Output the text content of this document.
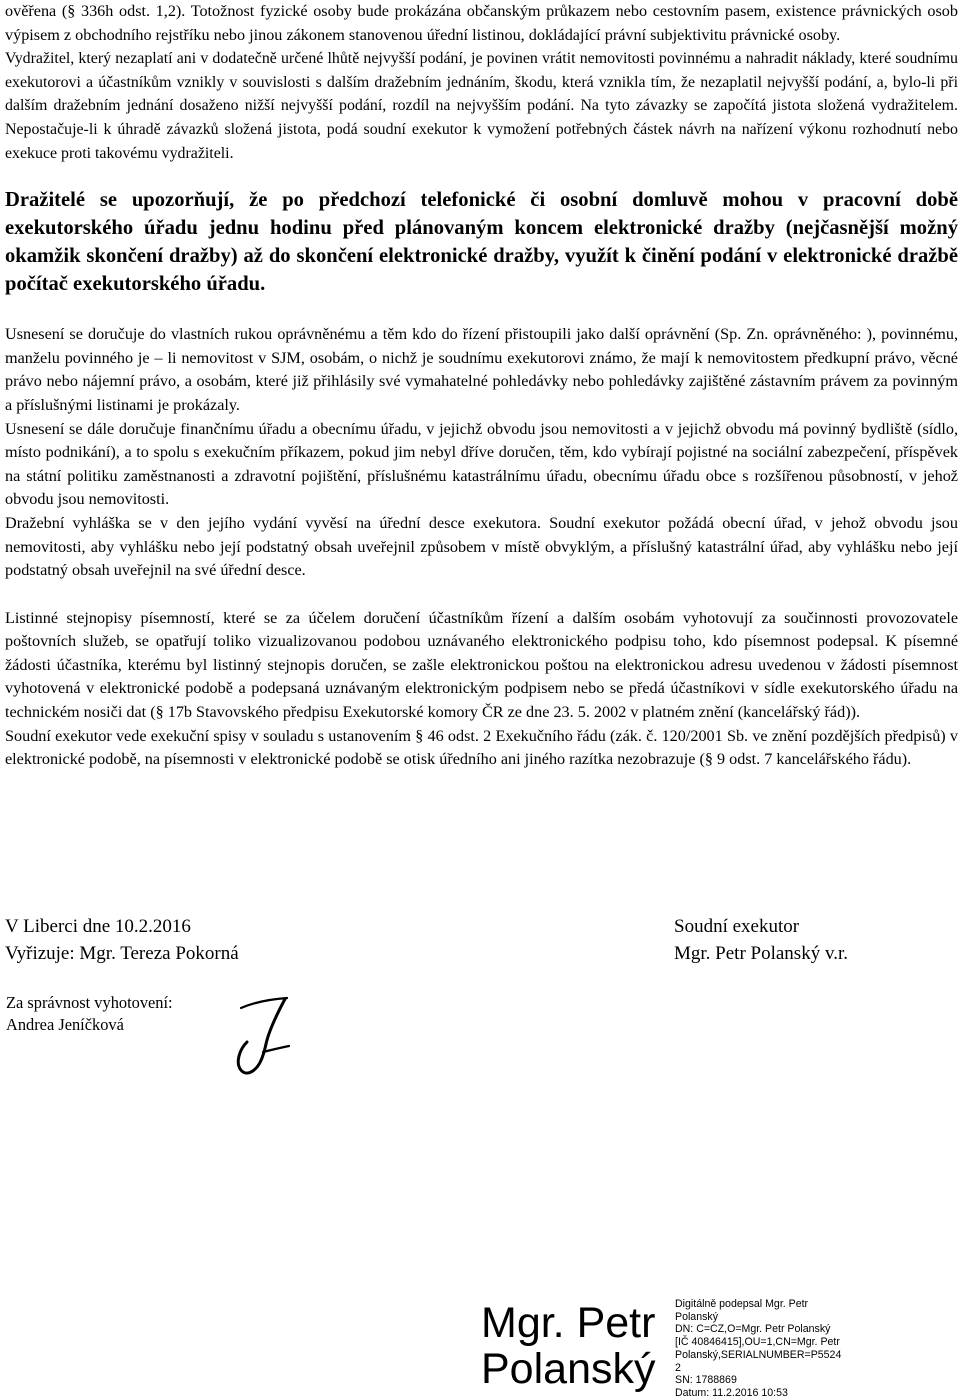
ověřena (§ 336h odst. 1,2). Totožnost fyzické osoby bude prokázána občanským průkazem nebo cestovním pasem, existence právnických osob výpisem z obchodního rejstříku nebo jinou zákonem stanovenou úřední listinou, dokládající právní subjektivitu právnické osoby.

Vydražitel, který nezaplatí ani v dodatečně určené lhůtě nejvyšší podání, je povinen vrátit nemovitosti povinnému a nahradit náklady, které soudnímu exekutorovi a účastníkům vznikly v souvislosti s dalším dražebním jednáním, škodu, která vznikla tím, že nezaplatil nejvyšší podání, a, bylo-li při dalším dražebním jednání dosaženo nižší nejvyšší podání, rozdíl na nejvyšším podání. Na tyto závazky se započítá jistota složená vydražitelem. Nepostačuje-li k úhradě závazků složená jistota, podá soudní exekutor k vymožení potřebných částek návrh na nařízení výkonu rozhodnutí nebo exekuce proti takovému vydražiteli.

Dražitelé se upozorňují, že po předchozí telefonické či osobní domluvě mohou v pracovní době exekutorského úřadu jednu hodinu před plánovaným koncem elektronické dražby (nejčasnější možný okamžik skončení dražby) až do skončení elektronické dražby, využít k činění podání v elektronické dražbě počítač exekutorského úřadu.

Usnesení se doručuje do vlastních rukou oprávněnému a těm kdo do řízení přistoupili jako další oprávnění (Sp. Zn. oprávněného: ), povinnému, manželu povinného je – li nemovitost v SJM, osobám, o nichž je soudnímu exekutorovi známo, že mají k nemovitostem předkupní právo, věcné právo nebo nájemní právo, a osobám, které již přihlásily své vymahatelné pohledávky nebo pohledávky zajištěné zástavním právem za povinným a příslušnými listinami je prokázaly.

Usnesení se dále doručuje finančnímu úřadu a obecnímu úřadu, v jejichž obvodu jsou nemovitosti a v jejichž obvodu má povinný bydliště (sídlo, místo podnikání), a to spolu s exekučním příkazem, pokud jim nebyl dříve doručen, těm, kdo vybírají pojistné na sociální zabezpečení, příspěvek na státní politiku zaměstnanosti a zdravotní pojištění, příslušnému katastrálnímu úřadu, obecnímu úřadu obce s rozšířenou působností, v jehož obvodu jsou nemovitosti.

Dražební vyhláška se v den jejího vydání vyvěsí na úřední desce exekutora. Soudní exekutor požádá obecní úřad, v jehož obvodu jsou nemovitosti, aby vyhlášku nebo její podstatný obsah uveřejnil způsobem v místě obvyklým, a příslušný katastrální úřad, aby vyhlášku nebo její podstatný obsah uveřejnil na své úřední desce.

Listinné stejnopisy písemností, které se za účelem doručení účastníkům řízení a dalším osobám vyhotovují za součinnosti provozovatele poštovních služeb, se opatřují toliko vizualizovanou podobou uznávaného elektronického podpisu toho, kdo písemnost podepsal. K písemné žádosti účastníka, kterému byl listinný stejnopis doručen, se zašle elektronickou poštou na elektronickou adresu uvedenou v žádosti písemnost vyhotovená v elektronické podobě a podepsaná uznávaným elektronickým podpisem nebo se předá účastníkovi v sídle exekutorského úřadu na technickém nosiči dat (§ 17b Stavovského předpisu Exekutorské komory ČR ze dne 23. 5. 2002 v platném znění (kancelářský řád)).

Soudní exekutor vede exekuční spisy v souladu s ustanovením § 46 odst. 2 Exekučního řádu (zák. č. 120/2001 Sb. ve znění pozdějších předpisů) v elektronické podobě, na písemnosti v elektronické podobě se otisk úředního ani jiného razítka nezobrazuje (§ 9 odst. 7 kancelářského řádu).

V Liberci dne 10.2.2016
Vyřizuje: Mgr. Tereza Pokorná
Soudní exekutor
Mgr. Petr Polanský v.r.
Za správnost vyhotovení:
Andrea Jeníčková
Mgr. Petr
Polanský
Digitálně podepsal Mgr. Petr
Polanský
DN: C=CZ,O=Mgr. Petr Polanský
[IČ 40846415],OU=1,CN=Mgr. Petr
Polanský,SERIALNUMBER=P5524
2
SN: 1788869
Datum: 11.2.2016 10:53
